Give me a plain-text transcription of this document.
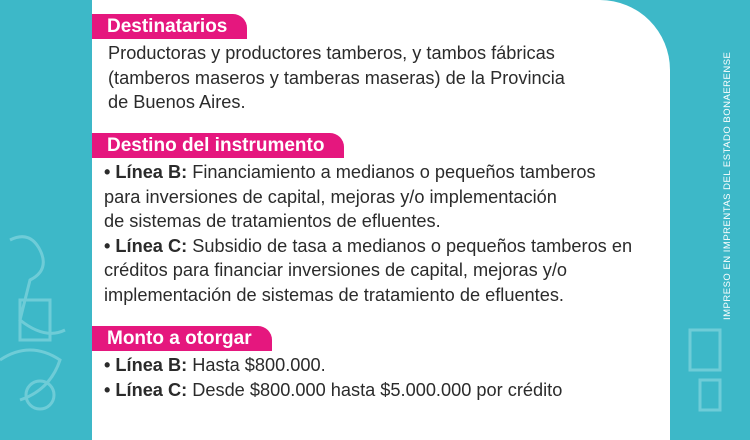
Destinatarios
Productoras y productores tamberos, y tambos fábricas
(tamberos maseros y tamberas maseras) de la Provincia
de Buenos Aires.
Destino del instrumento
• Línea B: Financiamiento a medianos o pequeños tamberos
para inversiones de capital, mejoras y/o implementación
de sistemas de tratamientos de efluentes.
• Línea C: Subsidio de tasa a medianos o pequeños tamberos en
créditos para financiar inversiones de capital, mejoras y/o
implementación de sistemas de tratamiento de efluentes.
Monto a otorgar
• Línea B: Hasta $800.000.
• Línea C: Desde $800.000 hasta $5.000.000 por crédito
IMPRESO EN IMPRENTAS DEL ESTADO BONAERENSE
